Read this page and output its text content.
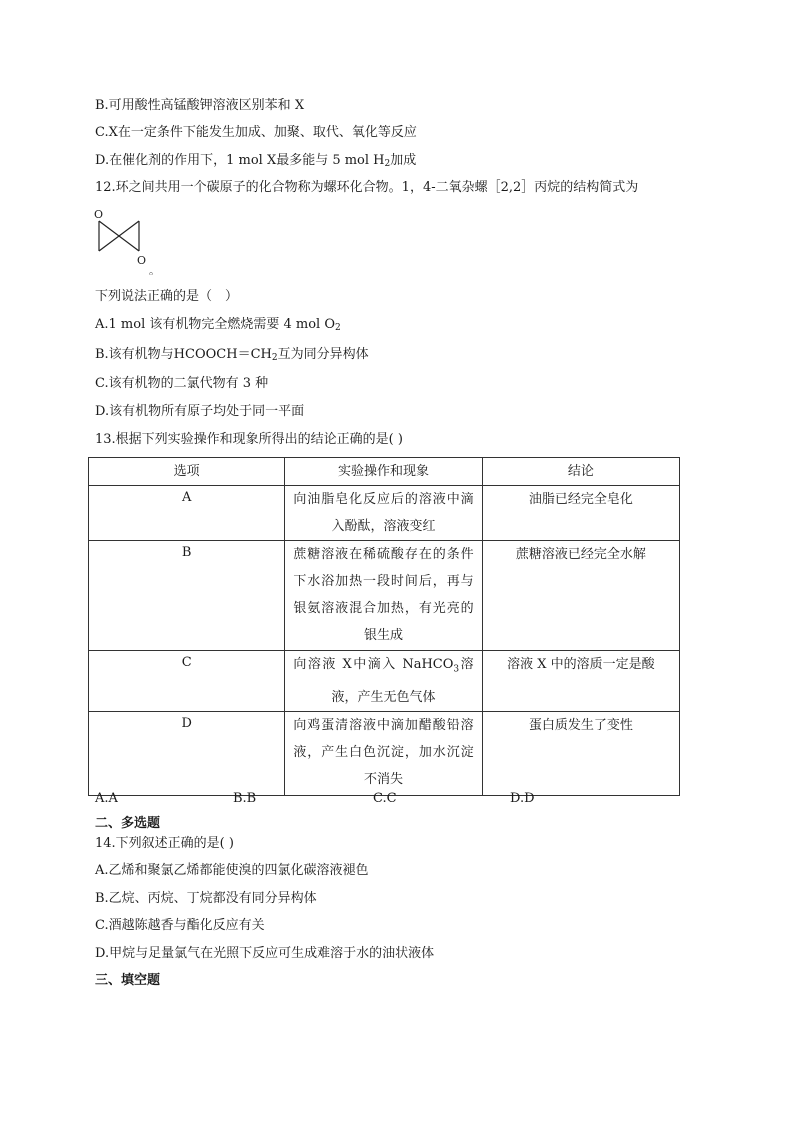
B.可用酸性高锰酸钾溶液区别苯和 X
C.X在一定条件下能发生加成、加聚、取代、氧化等反应
D.在催化剂的作用下，1 mol X最多能与 5 mol $H_2$加成
12.环之间共用一个碳原子的化合物称为螺环化合物。1，4-二氧杂螺［2,2］丙烷的结构简式为
O
O
。
下列说法正确的是（　）
A.1 mol 该有机物完全燃烧需要 4 mol $O_2$
B.该有机物与$HCOOCH=CH_2$互为同分异构体
C.该有机物的二氯代物有 3 种
D.该有机物所有原子均处于同一平面
13.根据下列实验操作和现象所得出的结论正确的是( )
选项	实验操作和现象	结论
A	向油脂皂化反应后的溶液中滴入酚酞，溶液变红	油脂已经完全皂化
B	蔗糖溶液在稀硫酸存在的条件下水浴加热一段时间后，再与银氨溶液混合加热，有光亮的银生成	蔗糖溶液已经完全水解
C	向溶液 X中滴入 NaHCO$_3$溶液，产生无色气体	溶液 X 中的溶质一定是酸
D	向鸡蛋清溶液中滴加醋酸铅溶液，产生白色沉淀，加水沉淀不消失	蛋白质发生了变性
A.A	B.B	C.C	D.D
二、多选题
14.下列叙述正确的是( )
A.乙烯和聚氯乙烯都能使溴的四氯化碳溶液褪色
B.乙烷、丙烷、丁烷都没有同分异构体
C.酒越陈越香与酯化反应有关
D.甲烷与足量氯气在光照下反应可生成难溶于水的油状液体
三、填空题
